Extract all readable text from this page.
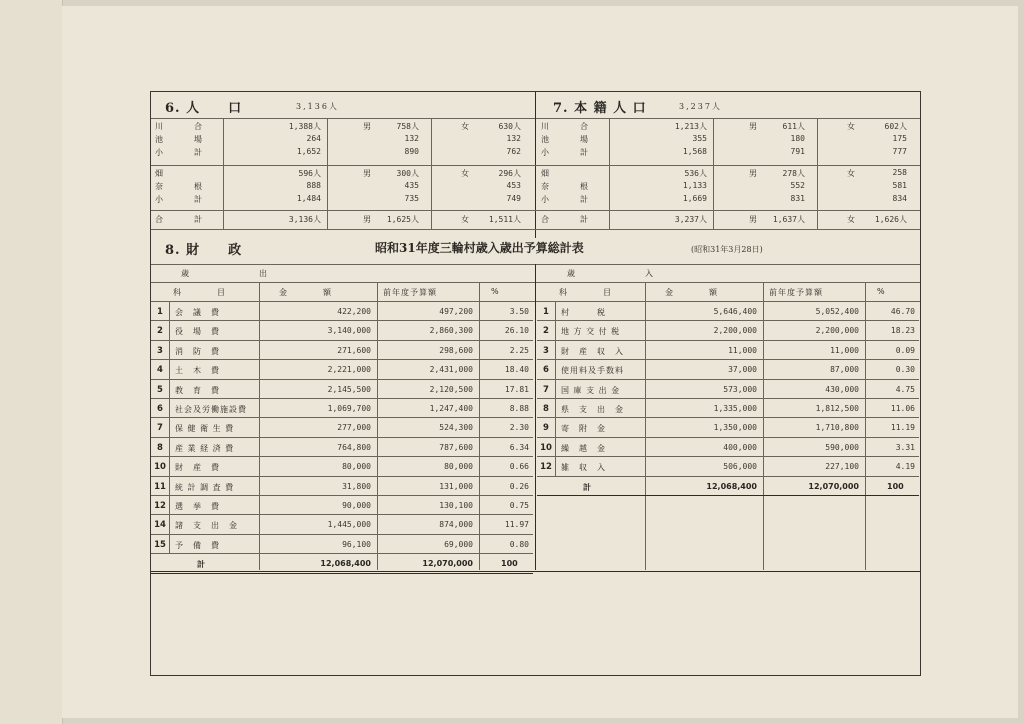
6. 人　　口	3,136人	7. 本 籍 人 口	3,237人
川　　合	1,388人	男	758人	女	630人
池　　場	264	132	132
小　　計	1,652	890	762
畑	596人	男	300人	女	296人
奈　　根	888	435	453
小　　計	1,484	735	749
合　　計	3,136人	男	1,625人	女	1,511人
川　　合	1,213人	男	611人	女	602人
池　　場	355	180	175
小　　計	1,568	791	777
畑	536人	男	278人	女	258
奈　　根	1,133	552	581
小　　計	1,669	831	834
合　　計	3,237人	男	1,637人	女	1,626人
8. 財　　政	昭和31年度三輪村歳入歳出予算総計表	(昭和31年3月28日)
歳　　　　　出
科　　　目	金　　　額	前年度予算額	%
1	会　議　費	422,200	497,200	3.50
2	役　場　費	3,140,000	2,860,300	26.10
3	消　防　費	271,600	298,600	2.25
4	土　木　費	2,221,000	2,431,000	18.40
5	教　育　費	2,145,500	2,120,500	17.81
6	社会及労働施設費	1,069,700	1,247,400	8.88
7	保 健 衛 生 費	277,000	524,300	2.30
8	産 業 経 済 費	764,800	787,600	6.34
10 財　産　費	80,000	80,000	0.66
11 統 計 調 査 費	31,800	131,000	0.26
12 選　挙　費	90,000	130,100	0.75
14 諸　支　出　金	1,445,000	874,000	11.97
15 予　備　費	96,100	69,000	0.80
計	12,068,400	12,070,000	100
歳　　　　　入
科　　　目	金　　　額	前年度予算額	%
1	村　　　税	5,646,400	5,052,400	46.70
2	地 方 交 付 税	2,200,000	2,200,000	18.23
3	財　産　収　入	11,000	11,000	0.09
6	使用料及手数料	37,000	87,000	0.30
7	国 庫 支 出 金	573,000	430,000	4.75
8	県　支　出　金	1,335,000	1,812,500	11.06
9	寄　附　金	1,350,000	1,710,800	11.19
10 繰　越　金	400,000	590,000	3.31
12 雑　収　入	506,000	227,100	4.19
計	12,068,400	12,070,000	100
